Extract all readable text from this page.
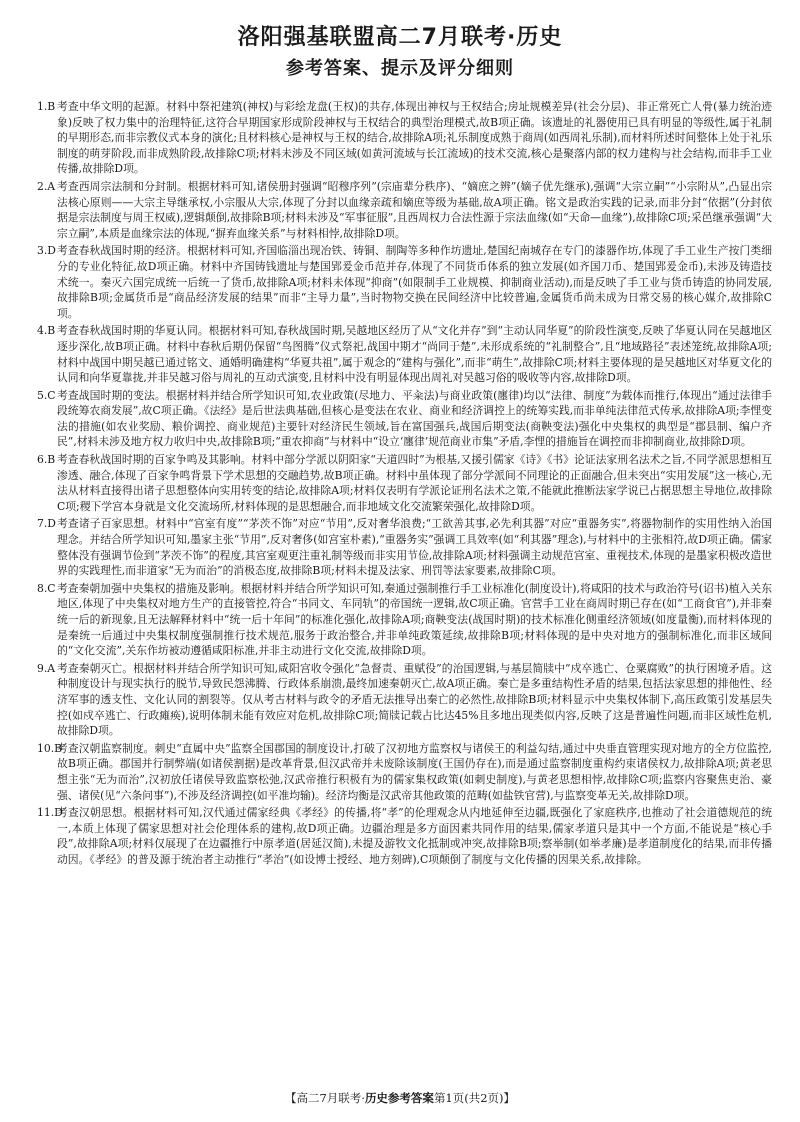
洛阳强基联盟高二7月联考·历史
参考答案、提示及评分细则
1.B 考查中华文明的起源。材料中祭祀建筑(神权)与彩绘龙盘(王权)的共存,体现出神权与王权结合;房址规模差异(社会分层)、非正常死亡人骨(暴力统治迹象)反映了权力集中的治理特征,这符合早期国家形成阶段神权与王权结合的典型治理模式,故B项正确。该遗址的礼器使用已具有明显的等级性,属于礼制的早期形态,而非宗教仪式本身的演化;且材料核心是神权与王权的结合,故排除A项;礼乐制度成熟于商周(如西周礼乐制),而材料所述时间整体上处于礼乐制度的萌芽阶段,而非成熟阶段,故排除C项;材料未涉及不同区域(如黄河流域与长江流域)的技术交流,核心是聚落内部的权力建构与社会结构,而非手工业传播,故排除D项。
2.A 考查西周宗法制和分封制。根据材料可知,诸侯册封强调“昭穆序列”(宗庙辈分秩序)、“嫡庶之辨”(嫡子优先继承),强调“大宗立嗣”“小宗附从”,凸显出宗法核心原则——大宗主导继承权,小宗服从大宗,体现了分封以血缘亲疏和嫡庶等级为基础,故A项正确。铭文是政治实践的记录,而非分封“依据”(分封依据是宗法制度与周王权威),逻辑颠倒,故排除B项;材料未涉及“军事征服”,且西周权力合法性源于宗法血缘(如“天命—血缘”),故排除C项;采邑继承强调“大宗立嗣”,本质是血缘宗法的体现,“摒弃血缘关系”与材料相悖,故排除D项。
3.D 考查春秋战国时期的经济。根据材料可知,齐国临淄出现冶铁、铸铜、制陶等多种作坊遗址,楚国纪南城存在专门的漆器作坊,体现了手工业生产按门类细分的专业化特征,故D项正确。材料中齐国铸钱遗址与楚国郢爰金币范并存,体现了不同货币体系的独立发展(如齐国刀币、楚国郢爰金币),未涉及铸造技术统一。秦灭六国完成统一后统一了货币,故排除A项;材料未体现“抑商”(如限制手工业规模、抑制商业活动),而是反映了手工业与货币铸造的协同发展,故排除B项;金属货币是“商品经济发展的结果”而非“主导力量”,当时物物交换在民间经济中比较普遍,金属货币尚未成为日常交易的核心媒介,故排除C项。
4.B 考查春秋战国时期的华夏认同。根据材料可知,春秋战国时期,吴越地区经历了从“文化并存”到“主动认同华夏”的阶段性演变,反映了华夏认同在吴越地区逐步深化,故B项正确。材料中春秋后期仍保留“鸟图腾”仪式祭祀,战国中期才“尚同于楚”,未形成系统的“礼制整合”,且“地域路径”表述笼统,故排除A项;材料中战国中期吴越已通过铭文、通婚明确建构“华夏共祖”,属于观念的“建构与强化”,而非“萌生”,故排除C项;材料主要体现的是吴越地区对华夏文化的认同和向华夏靠拢,并非吴越习俗与周礼的互动式演变,且材料中没有明显体现出周礼对吴越习俗的吸收等内容,故排除D项。
5.C 考查战国时期的变法。根据材料并结合所学知识可知,农业政策(尽地力、平籴法)与商业政策(廛律)均以“法律、制度”为载体而推行,体现出“通过法律手段统筹农商发展”,故C项正确。《法经》是后世法典基础,但核心是变法在农业、商业和经济调控上的统筹实践,而非单纯法律范式传承,故排除A项;李悝变法的措施(如农业奖励、粮价调控、商业规范)主要针对经济民生领域,旨在富国强兵,战国后期变法(商鞅变法)强化中央集权的典型是“郡县制、编户齐民”,材料未涉及地方权力收归中央,故排除B项;“重农抑商”与材料中“设立‘廛律’规范商业市集”矛盾,李悝的措施旨在调控而非抑制商业,故排除D项。
6.B 考查春秋战国时期的百家争鸣及其影响。材料中部分学派以阴阳家“天道四时”为根基,又援引儒家《诗》《书》论证法家刑名法术之旨,不同学派思想相互渗透、融合,体现了百家争鸣背景下学术思想的交融趋势,故B项正确。材料中虽体现了部分学派间不同理论的正面融合,但未突出“实用发展”这一核心,无法从材料直接得出诸子思想整体向实用转变的结论,故排除A项;材料仅表明有学派论证刑名法术之策,不能就此推断法家学说已占据思想主导地位,故排除C项;稷下学宫本身就是文化交流场所,材料体现的是思想融合,而非地域文化交流繁荣强化,故排除D项。
7.D 考查诸子百家思想。材料中“宫室有度”“茅茨不饰”对应“节用”,反对奢华浪费;“工欲善其事,必先利其器”对应“重器务实”,将器物制作的实用性纳入治国理念。并结合所学知识可知,墨家主张“节用”,反对奢侈(如宫室朴素),“重器务实”强调工具效率(如“利其器”理念),与材料中的主张相符,故D项正确。儒家整体没有强调节俭到“茅茨不饰”的程度,其宫室观更注重礼制等级而非实用节俭,故排除A项;材料强调主动规范宫室、重视技术,体现的是墨家积极改造世界的实践理性,而非道家“无为而治”的消极态度,故排除B项;材料未提及法家、刑罚等法家要素,故排除C项。
8.C 考查秦朝加强中央集权的措施及影响。根据材料并结合所学知识可知,秦通过强制推行手工业标准化(制度设计),将咸阳的技术与政治符号(诏书)植入关东地区,体现了中央集权对地方生产的直接管控,符合“书同文、车同轨”的帝国统一逻辑,故C项正确。官营手工业在商周时期已存在(如“工商食官”),并非秦统一后的新现象,且无法解释材料中“统一后十年间”的标准化强化,故排除A项;商鞅变法(战国时期)的技术标准化侧重经济领域(如度量衡),而材料体现的是秦统一后通过中央集权制度强制推行技术规范,服务于政治整合,并非单纯政策延续,故排除B项;材料体现的是中央对地方的强制标准化,而非区域间的“文化交流”,关东作坊被动遵循咸阳标准,并非主动进行文化交流,故排除D项。
9.A 考查秦朝灭亡。根据材料并结合所学知识可知,咸阳宫收令强化“急督责、重赋役”的治国逻辑,与基层简牍中“戍卒逃亡、仓粟腐败”的执行困境矛盾。这种制度设计与现实执行的脱节,导致民怨沸腾、行政体系崩溃,最终加速秦朝灭亡,故A项正确。秦亡是多重结构性矛盾的结果,包括法家思想的排他性、经济军事的透支性、文化认同的割裂等。仅从考古材料与政令的矛盾无法推导出秦亡的必然性,故排除B项;材料显示中央集权体制下,高压政策引发基层失控(如戍卒逃亡、行政瘫痪),说明体制未能有效应对危机,故排除C项;简牍记载占比达45%且多地出现类似内容,反映了这是普遍性问题,而非区域性危机,故排除D项。
10.B
考查汉朝监察制度。刺史“直属中央”监察全国郡国的制度设计,打破了汉初地方监察权与诸侯王的利益勾结,通过中央垂直管理实现对地方的全方位监控,故B项正确。郡国并行制弊端(如诸侯割据)是改革背景,但汉武帝并未废除该制度(王国仍存在),而是通过监察制度重构约束诸侯权力,故排除A项;黄老思想主张“无为而治”,汉初放任诸侯导致监察松弛,汉武帝推行积极有为的儒家集权政策(如刺史制度),与黄老思想相悖,故排除C项;监察内容聚焦吏治、豪强、诸侯(见“六条问事”),不涉及经济调控(如平准均输)。经济均衡是汉武帝其他政策的范畴(如盐铁官营),与监察变革无关,故排除D项。
11.D
考查汉朝思想。根据材料可知,汉代通过儒家经典《孝经》的传播,将“孝”的伦理观念从内地延伸至边疆,既强化了家庭秩序,也推动了社会道德规范的统一,本质上体现了儒家思想对社会伦理体系的建构,故D项正确。边疆治理是多方面因素共同作用的结果,儒家孝道只是其中一个方面,不能说是“核心手段”,故排除A项;材料仅展现了在边疆推行中原孝道(居延汉简),未提及游牧文化抵制或冲突,故排除B项;察举制(如举孝廉)是孝道制度化的结果,而非传播动因。《孝经》的普及源于统治者主动推行“孝治”(如设博士授经、地方刻碑),C项颠倒了制度与文化传播的因果关系,故排除。
【高二7月联考·历史参考答案第1页(共2页)】
